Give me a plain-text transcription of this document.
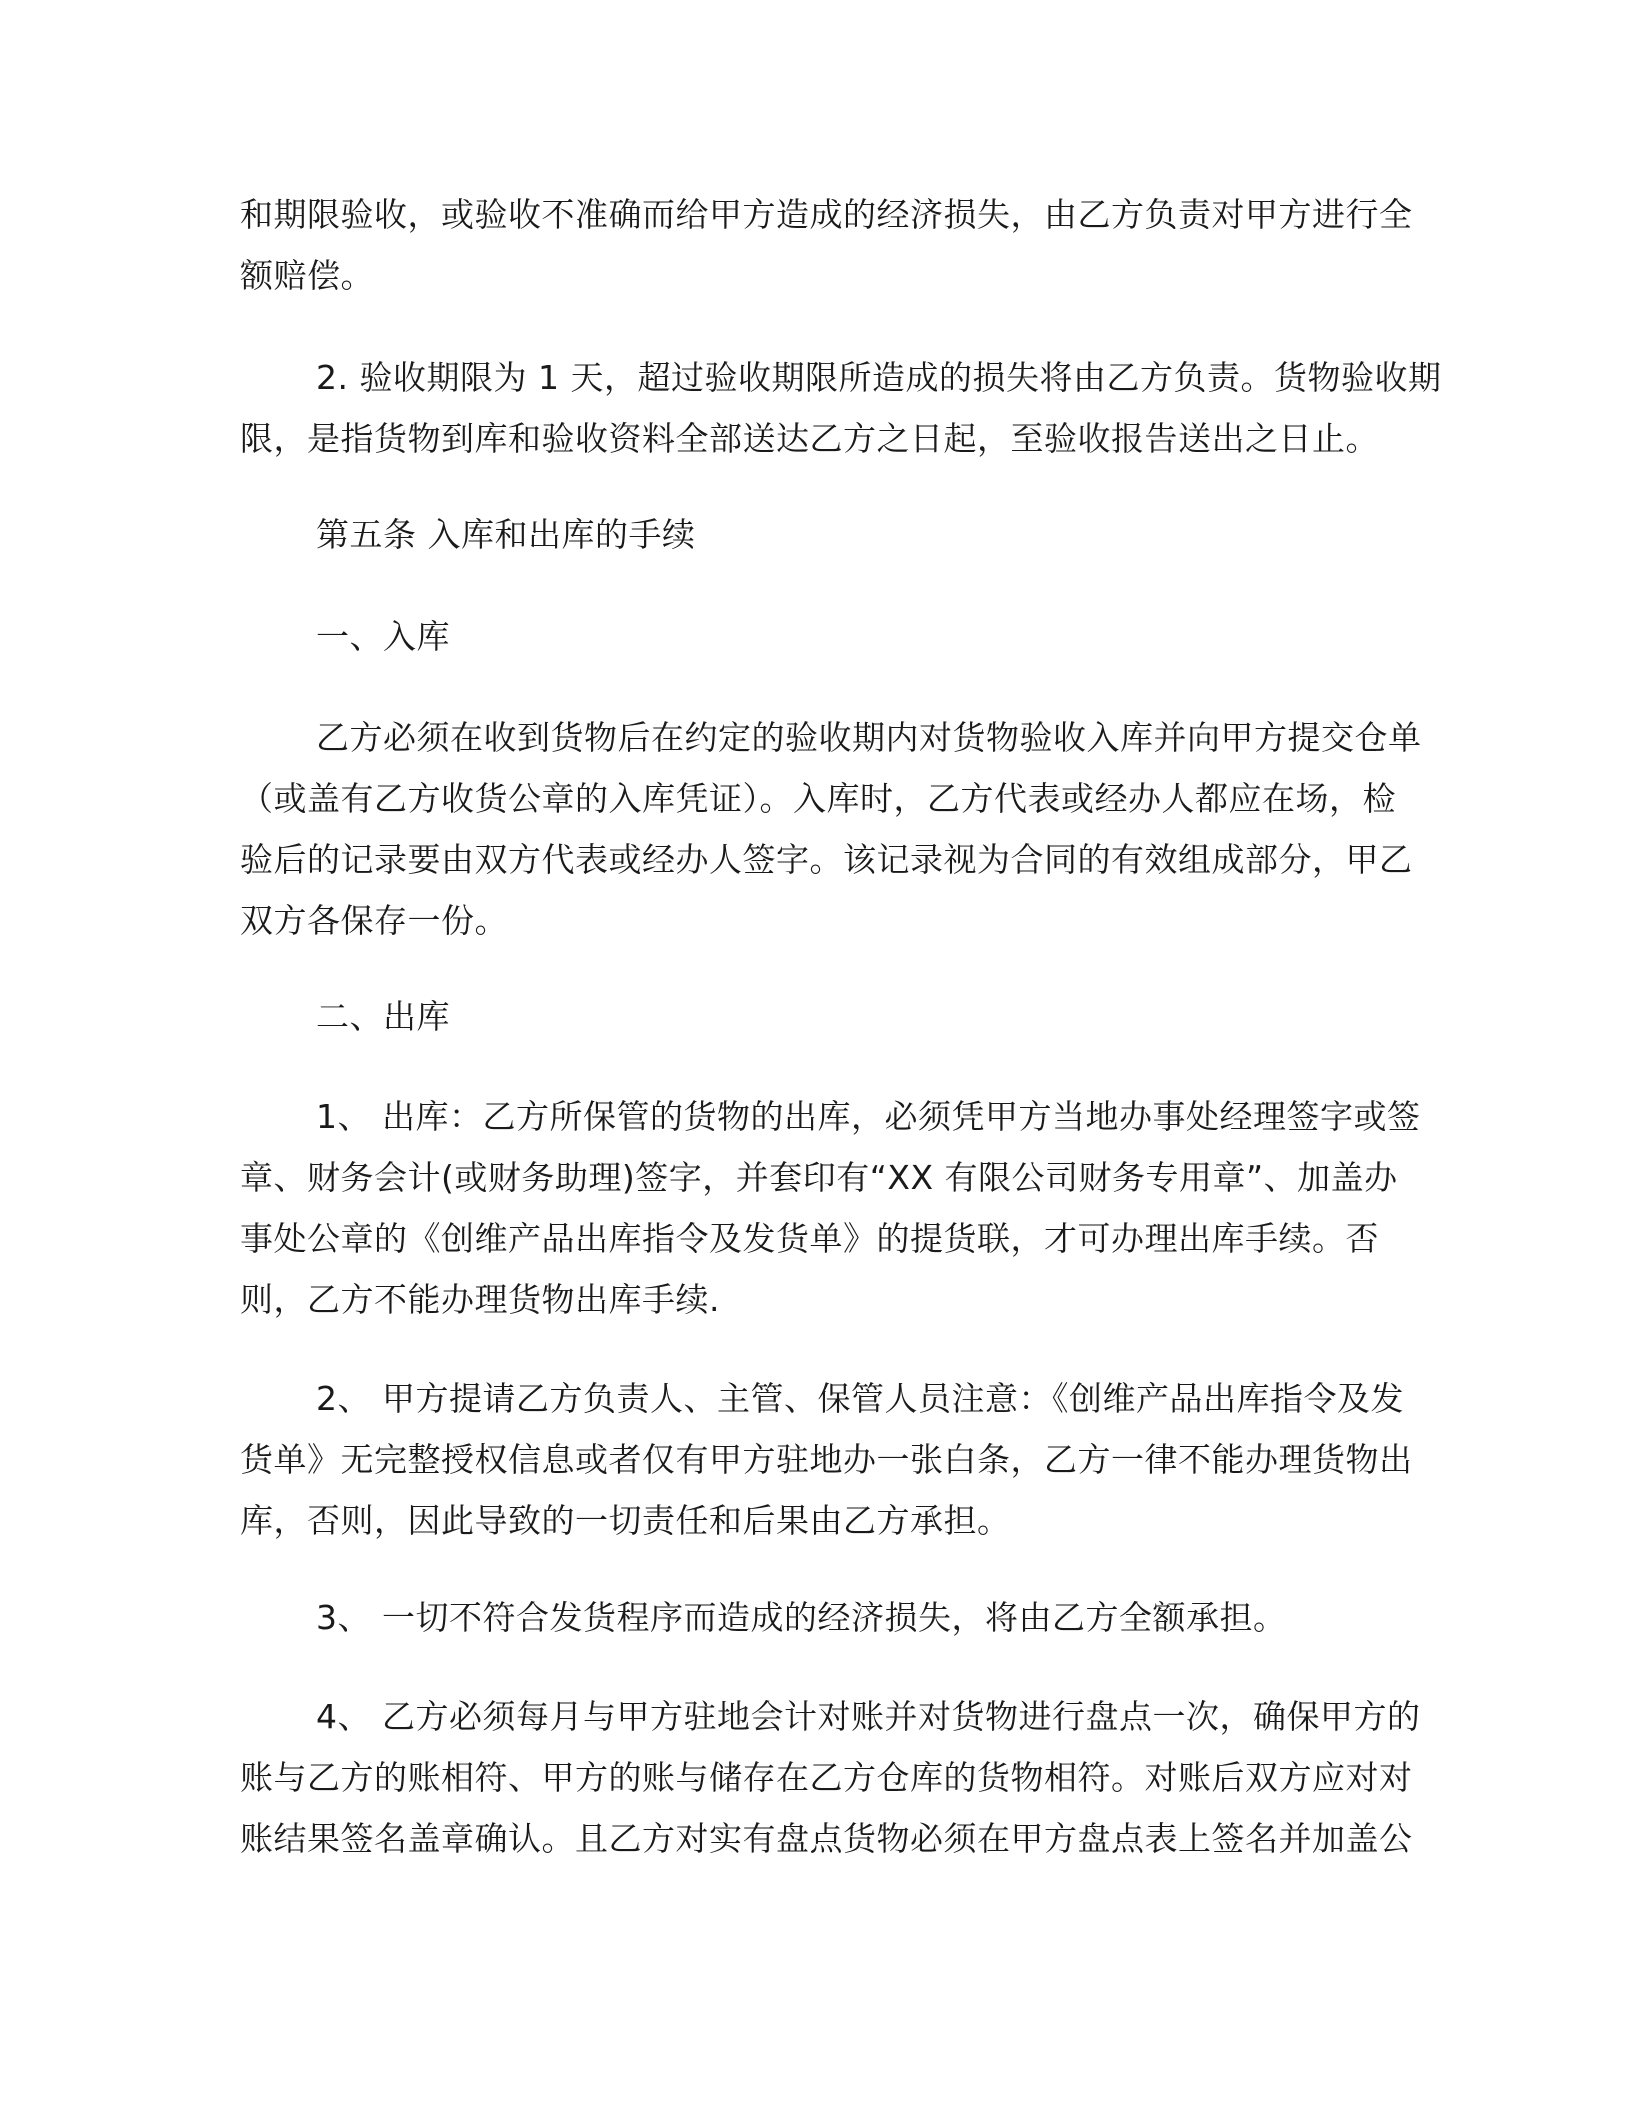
和期限验收，或验收不准确而给甲方造成的经济损失，由乙方负责对甲方进行全
额赔偿。
2. 验收期限为 1 天，超过验收期限所造成的损失将由乙方负责。货物验收期
限，是指货物到库和验收资料全部送达乙方之日起，至验收报告送出之日止。
第五条 入库和出库的手续
一、入库
乙方必须在收到货物后在约定的验收期内对货物验收入库并向甲方提交仓单
（或盖有乙方收货公章的入库凭证）。入库时，乙方代表或经办人都应在场，检
验后的记录要由双方代表或经办人签字。该记录视为合同的有效组成部分，甲乙
双方各保存一份。
二、出库
1、 出库：乙方所保管的货物的出库，必须凭甲方当地办事处经理签字或签
章、财务会计(或财务助理)签字，并套印有“XX 有限公司财务专用章”、加盖办
事处公章的《创维产品出库指令及发货单》的提货联，才可办理出库手续。否
则，乙方不能办理货物出库手续.
2、 甲方提请乙方负责人、主管、保管人员注意：《创维产品出库指令及发
货单》无完整授权信息或者仅有甲方驻地办一张白条，乙方一律不能办理货物出
库，否则，因此导致的一切责任和后果由乙方承担。
3、 一切不符合发货程序而造成的经济损失，将由乙方全额承担。
4、 乙方必须每月与甲方驻地会计对账并对货物进行盘点一次，确保甲方的
账与乙方的账相符、甲方的账与储存在乙方仓库的货物相符。对账后双方应对对
账结果签名盖章确认。且乙方对实有盘点货物必须在甲方盘点表上签名并加盖公
